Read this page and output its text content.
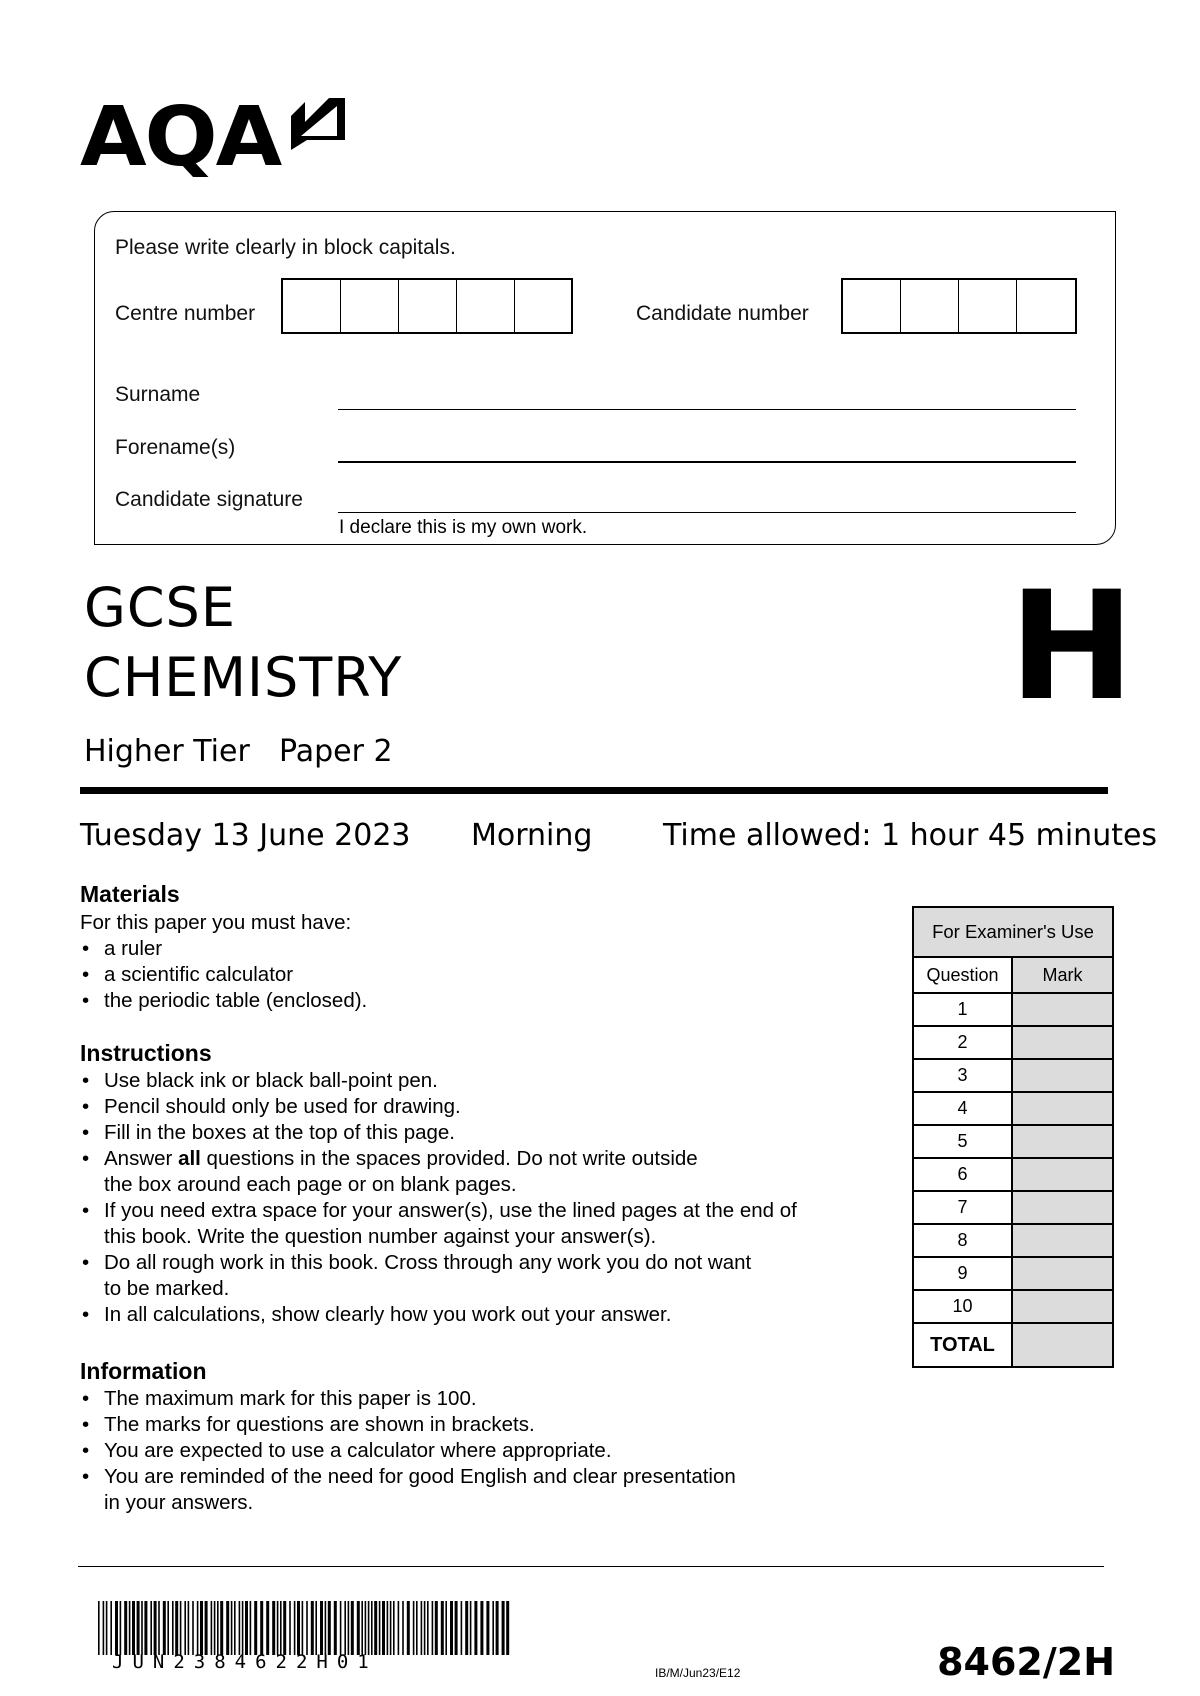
AQA
Please write clearly in block capitals.
Centre number	Candidate number
Surname
Forename(s)
Candidate signature
I declare this is my own work.
GCSE
CHEMISTRY
Higher Tier Paper 2
H
Tuesday 13 June 2023 Morning Time allowed: 1 hour 45 minutes
Materials
For this paper you must have:
• a ruler
• a scientific calculator
• the periodic table (enclosed).
Instructions
• Use black ink or black ball-point pen.
• Pencil should only be used for drawing.
• Fill in the boxes at the top of this page.
• Answer all questions in the spaces provided. Do not write outside
the box around each page or on blank pages.
• If you need extra space for your answer(s), use the lined pages at the end of
this book. Write the question number against your answer(s).
• Do all rough work in this book. Cross through any work you do not want
to be marked.
• In all calculations, show clearly how you work out your answer.
Information
• The maximum mark for this paper is 100.
• The marks for questions are shown in brackets.
• You are expected to use a calculator where appropriate.
• You are reminded of the need for good English and clear presentation
in your answers.
For Examiner's Use	
Question	Mark
1	
2	
3	
4	
5	
6	
7	
8	
9	
10	
TOTAL	
JUN2384622H01	IB/M/Jun23/E12	8462/2H
